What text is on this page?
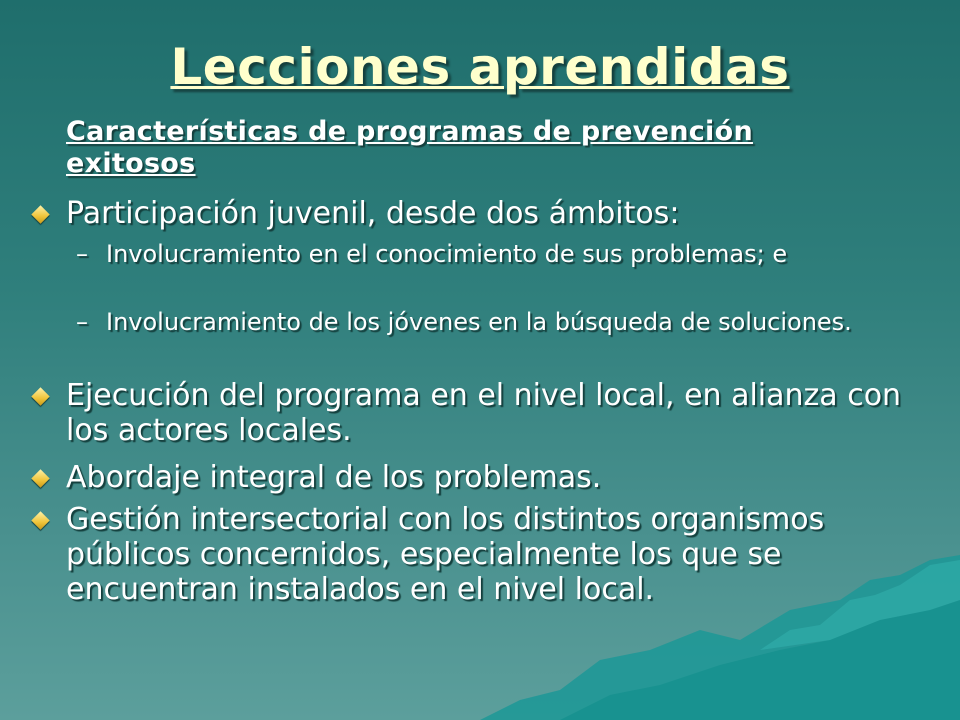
Lecciones aprendidas
Características de programas de prevención exitosos
Participación juvenil, desde dos ámbitos:
– Involucramiento en el conocimiento de sus problemas; e
– Involucramiento de los jóvenes en la búsqueda de soluciones.
Ejecución del programa en el nivel local, en alianza con los actores locales.
Abordaje integral de los problemas.
Gestión intersectorial con los distintos organismos públicos concernidos, especialmente los que se encuentran instalados en el nivel local.
